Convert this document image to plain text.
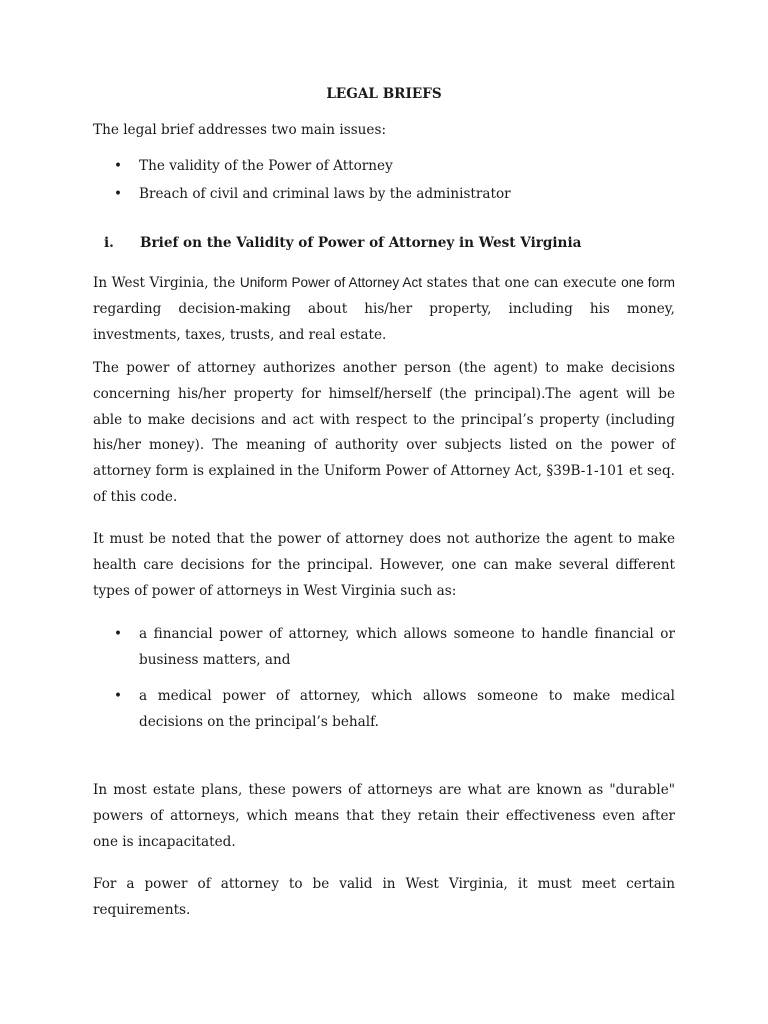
LEGAL BRIEFS

The legal brief addresses two main issues:

• The validity of the Power of Attorney
• Breach of civil and criminal laws by the administrator
i. Brief on the Validity of Power of Attorney in West Virginia

In West Virginia, the Uniform Power of Attorney Act states that one can execute one form regarding decision-making about his/her property, including his money, investments, taxes, trusts, and real estate.

The power of attorney authorizes another person (the agent) to make decisions concerning his/her property for himself/herself (the principal).The agent will be able to make decisions and act with respect to the principal’s property (including his/her money). The meaning of authority over subjects listed on the power of attorney form is explained in the Uniform Power of Attorney Act, §39B-1-101 et seq. of this code.

It must be noted that the power of attorney does not authorize the agent to make health care decisions for the principal. However, one can make several different types of power of attorneys in West Virginia such as:

• a financial power of attorney, which allows someone to handle financial or business matters, and
• a medical power of attorney, which allows someone to make medical decisions on the principal’s behalf.

In most estate plans, these powers of attorneys are what are known as "durable" powers of attorneys, which means that they retain their effectiveness even after one is incapacitated.

For a power of attorney to be valid in West Virginia, it must meet certain requirements.
